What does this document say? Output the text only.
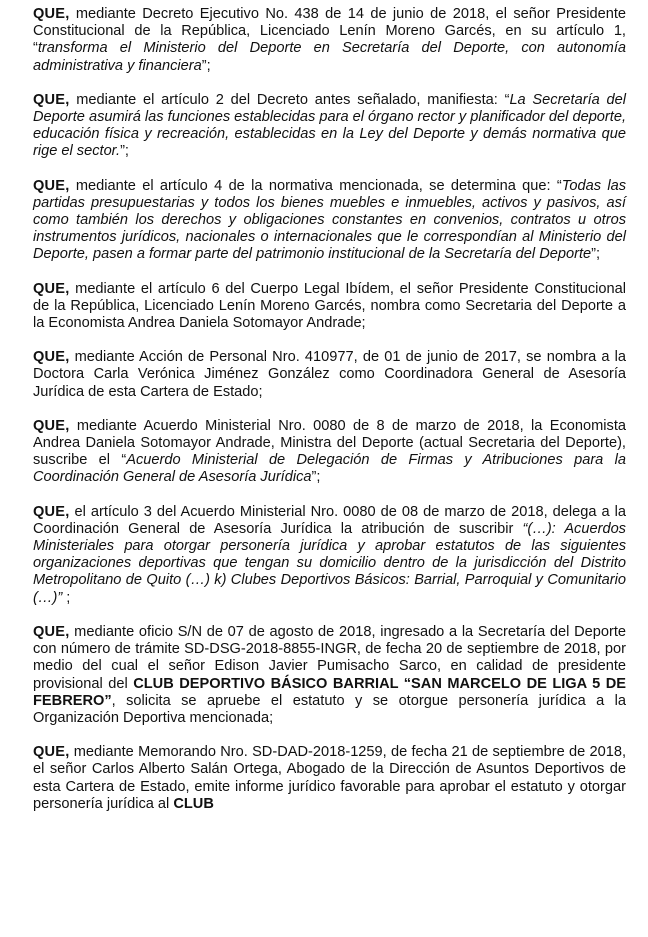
QUE, mediante Decreto Ejecutivo No. 438 de 14 de junio de 2018, el señor Presidente Constitucional de la República, Licenciado Lenín Moreno Garcés, en su artículo 1, “transforma el Ministerio del Deporte en Secretaría del Deporte, con autonomía administrativa y financiera”;
QUE, mediante el artículo 2 del Decreto antes señalado, manifiesta: “La Secretaría del Deporte asumirá las funciones establecidas para el órgano rector y planificador del deporte, educación física y recreación, establecidas en la Ley del Deporte y demás normativa que rige el sector.”;
QUE, mediante el artículo 4 de la normativa mencionada, se determina que: “Todas las partidas presupuestarias y todos los bienes muebles e inmuebles, activos y pasivos, así como también los derechos y obligaciones constantes en convenios, contratos u otros instrumentos jurídicos, nacionales o internacionales que le correspondían al Ministerio del Deporte, pasen a formar parte del patrimonio institucional de la Secretaría del Deporte”;
QUE, mediante el artículo 6 del Cuerpo Legal Ibídem, el señor Presidente Constitucional de la República, Licenciado Lenín Moreno Garcés, nombra como Secretaria del Deporte a la Economista Andrea Daniela Sotomayor Andrade;
QUE, mediante Acción de Personal Nro. 410977, de 01 de junio de 2017, se nombra a la Doctora Carla Verónica Jiménez González como Coordinadora General de Asesoría Jurídica de esta Cartera de Estado;
QUE, mediante Acuerdo Ministerial Nro. 0080 de 8 de marzo de 2018, la Economista Andrea Daniela Sotomayor Andrade, Ministra del Deporte (actual Secretaria del Deporte), suscribe el “Acuerdo Ministerial de Delegación de Firmas y Atribuciones para la Coordinación General de Asesoría Jurídica”;
QUE, el artículo 3 del Acuerdo Ministerial Nro. 0080 de 08 de marzo de 2018, delega a la Coordinación General de Asesoría Jurídica la atribución de suscribir “(…): Acuerdos Ministeriales para otorgar personería jurídica y aprobar estatutos de las siguientes organizaciones deportivas que tengan su domicilio dentro de la jurisdicción del Distrito Metropolitano de Quito (…) k) Clubes Deportivos Básicos: Barrial, Parroquial y Comunitario (…)” ;
QUE, mediante oficio S/N de 07 de agosto de 2018, ingresado a la Secretaría del Deporte con número de trámite SD-DSG-2018-8855-INGR, de fecha 20 de septiembre de 2018, por medio del cual el señor Edison Javier Pumisacho Sarco, en calidad de presidente provisional del CLUB DEPORTIVO BÁSICO BARRIAL “SAN MARCELO DE LIGA 5 DE FEBRERO”, solicita se apruebe el estatuto y se otorgue personería jurídica a la Organización Deportiva mencionada;
QUE, mediante Memorando Nro. SD-DAD-2018-1259, de fecha 21 de septiembre de 2018, el señor Carlos Alberto Salán Ortega, Abogado de la Dirección de Asuntos Deportivos de esta Cartera de Estado, emite informe jurídico favorable para aprobar el estatuto y otorgar personería jurídica al CLUB
